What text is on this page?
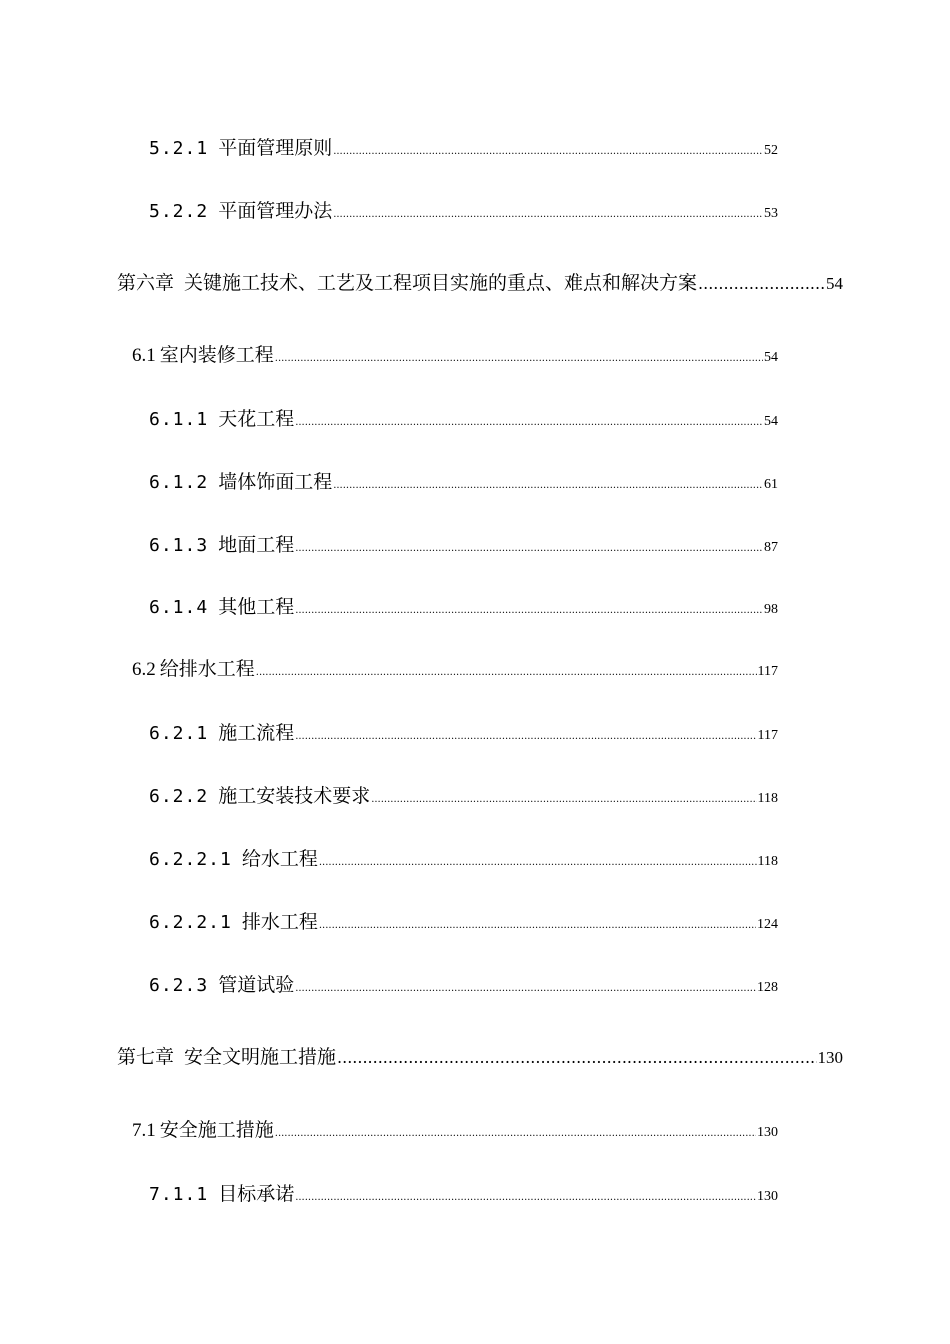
5.2.1 平面管理原则 .....	52
5.2.2 平面管理办法 .....	53
第六章 关键施工技术、工艺及工程项目实施的重点、难点和解决方案 .....	54
6.1 室内装修工程 .....	54
6.1.1 天花工程 .....	54
6.1.2 墙体饰面工程 .....	61
6.1.3 地面工程 .....	87
6.1.4 其他工程 .....	98
6.2 给排水工程 .....	117
6.2.1 施工流程 .....	117
6.2.2 施工安装技术要求 .....	118
6.2.2.1 给水工程 .....	118
6.2.2.1 排水工程 .....	124
6.2.3 管道试验 .....	128
第七章 安全文明施工措施 .....	130
7.1 安全施工措施 .....	130
7.1.1 目标承诺 .....	130
